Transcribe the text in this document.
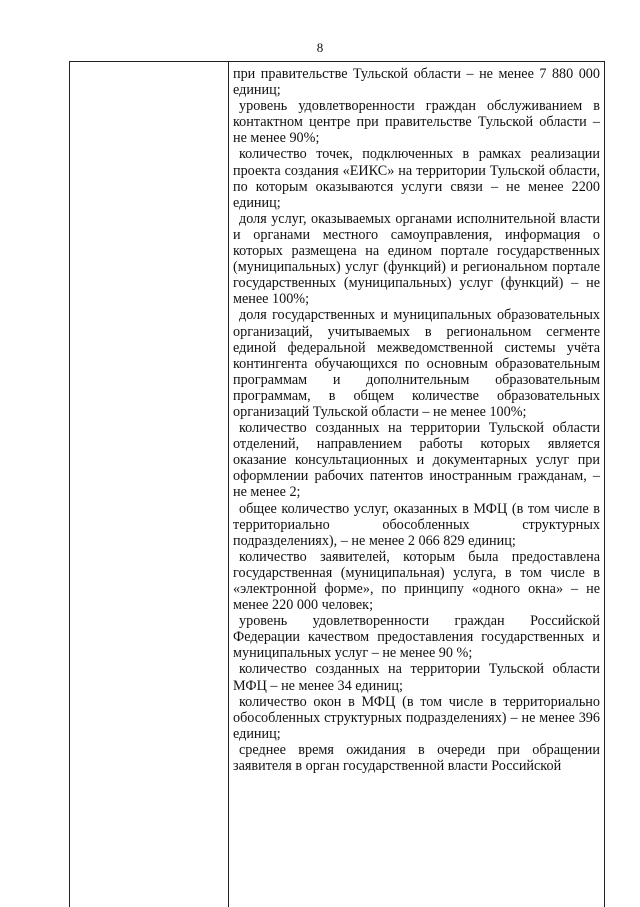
8

при правительстве Тульской области – не менее 7 880 000 единиц;

уровень удовлетворенности граждан обслуживанием в контактном центре при правительстве Тульской области – не менее 90%;

количество точек, подключенных в рамках реализации проекта создания «ЕИКС» на территории Тульской области, по которым оказываются услуги связи – не менее 2200 единиц;

доля услуг, оказываемых органами исполнительной власти и органами местного самоуправления, информация о которых размещена на едином портале государственных (муниципальных) услуг (функций) и региональном портале государственных (муниципальных) услуг (функций) – не менее 100%;

доля государственных и муниципальных образовательных организаций, учитываемых в региональном сегменте единой федеральной межведомственной системы учёта контингента обучающихся по основным образовательным программам и дополнительным образовательным программам, в общем количестве образовательных организаций Тульской области – не менее 100%;

количество созданных на территории Тульской области отделений, направлением работы которых является оказание консультационных и документарных услуг при оформлении рабочих патентов иностранным гражданам, – не менее 2;

общее количество услуг, оказанных в МФЦ (в том числе в территориально обособленных структурных подразделениях), – не менее 2 066 829 единиц;

количество заявителей, которым была предоставлена государственная (муниципальная) услуга, в том числе в «электронной форме», по принципу «одного окна» – не менее 220 000 человек;

уровень удовлетворенности граждан Российской Федерации качеством предоставления государственных и муниципальных услуг – не менее 90 %;

количество созданных на территории Тульской области МФЦ – не менее 34 единиц;

количество окон в МФЦ (в том числе в территориально обособленных структурных подразделениях) – не менее 396 единиц;

среднее время ожидания в очереди при обращении заявителя в орган государственной власти Российской
